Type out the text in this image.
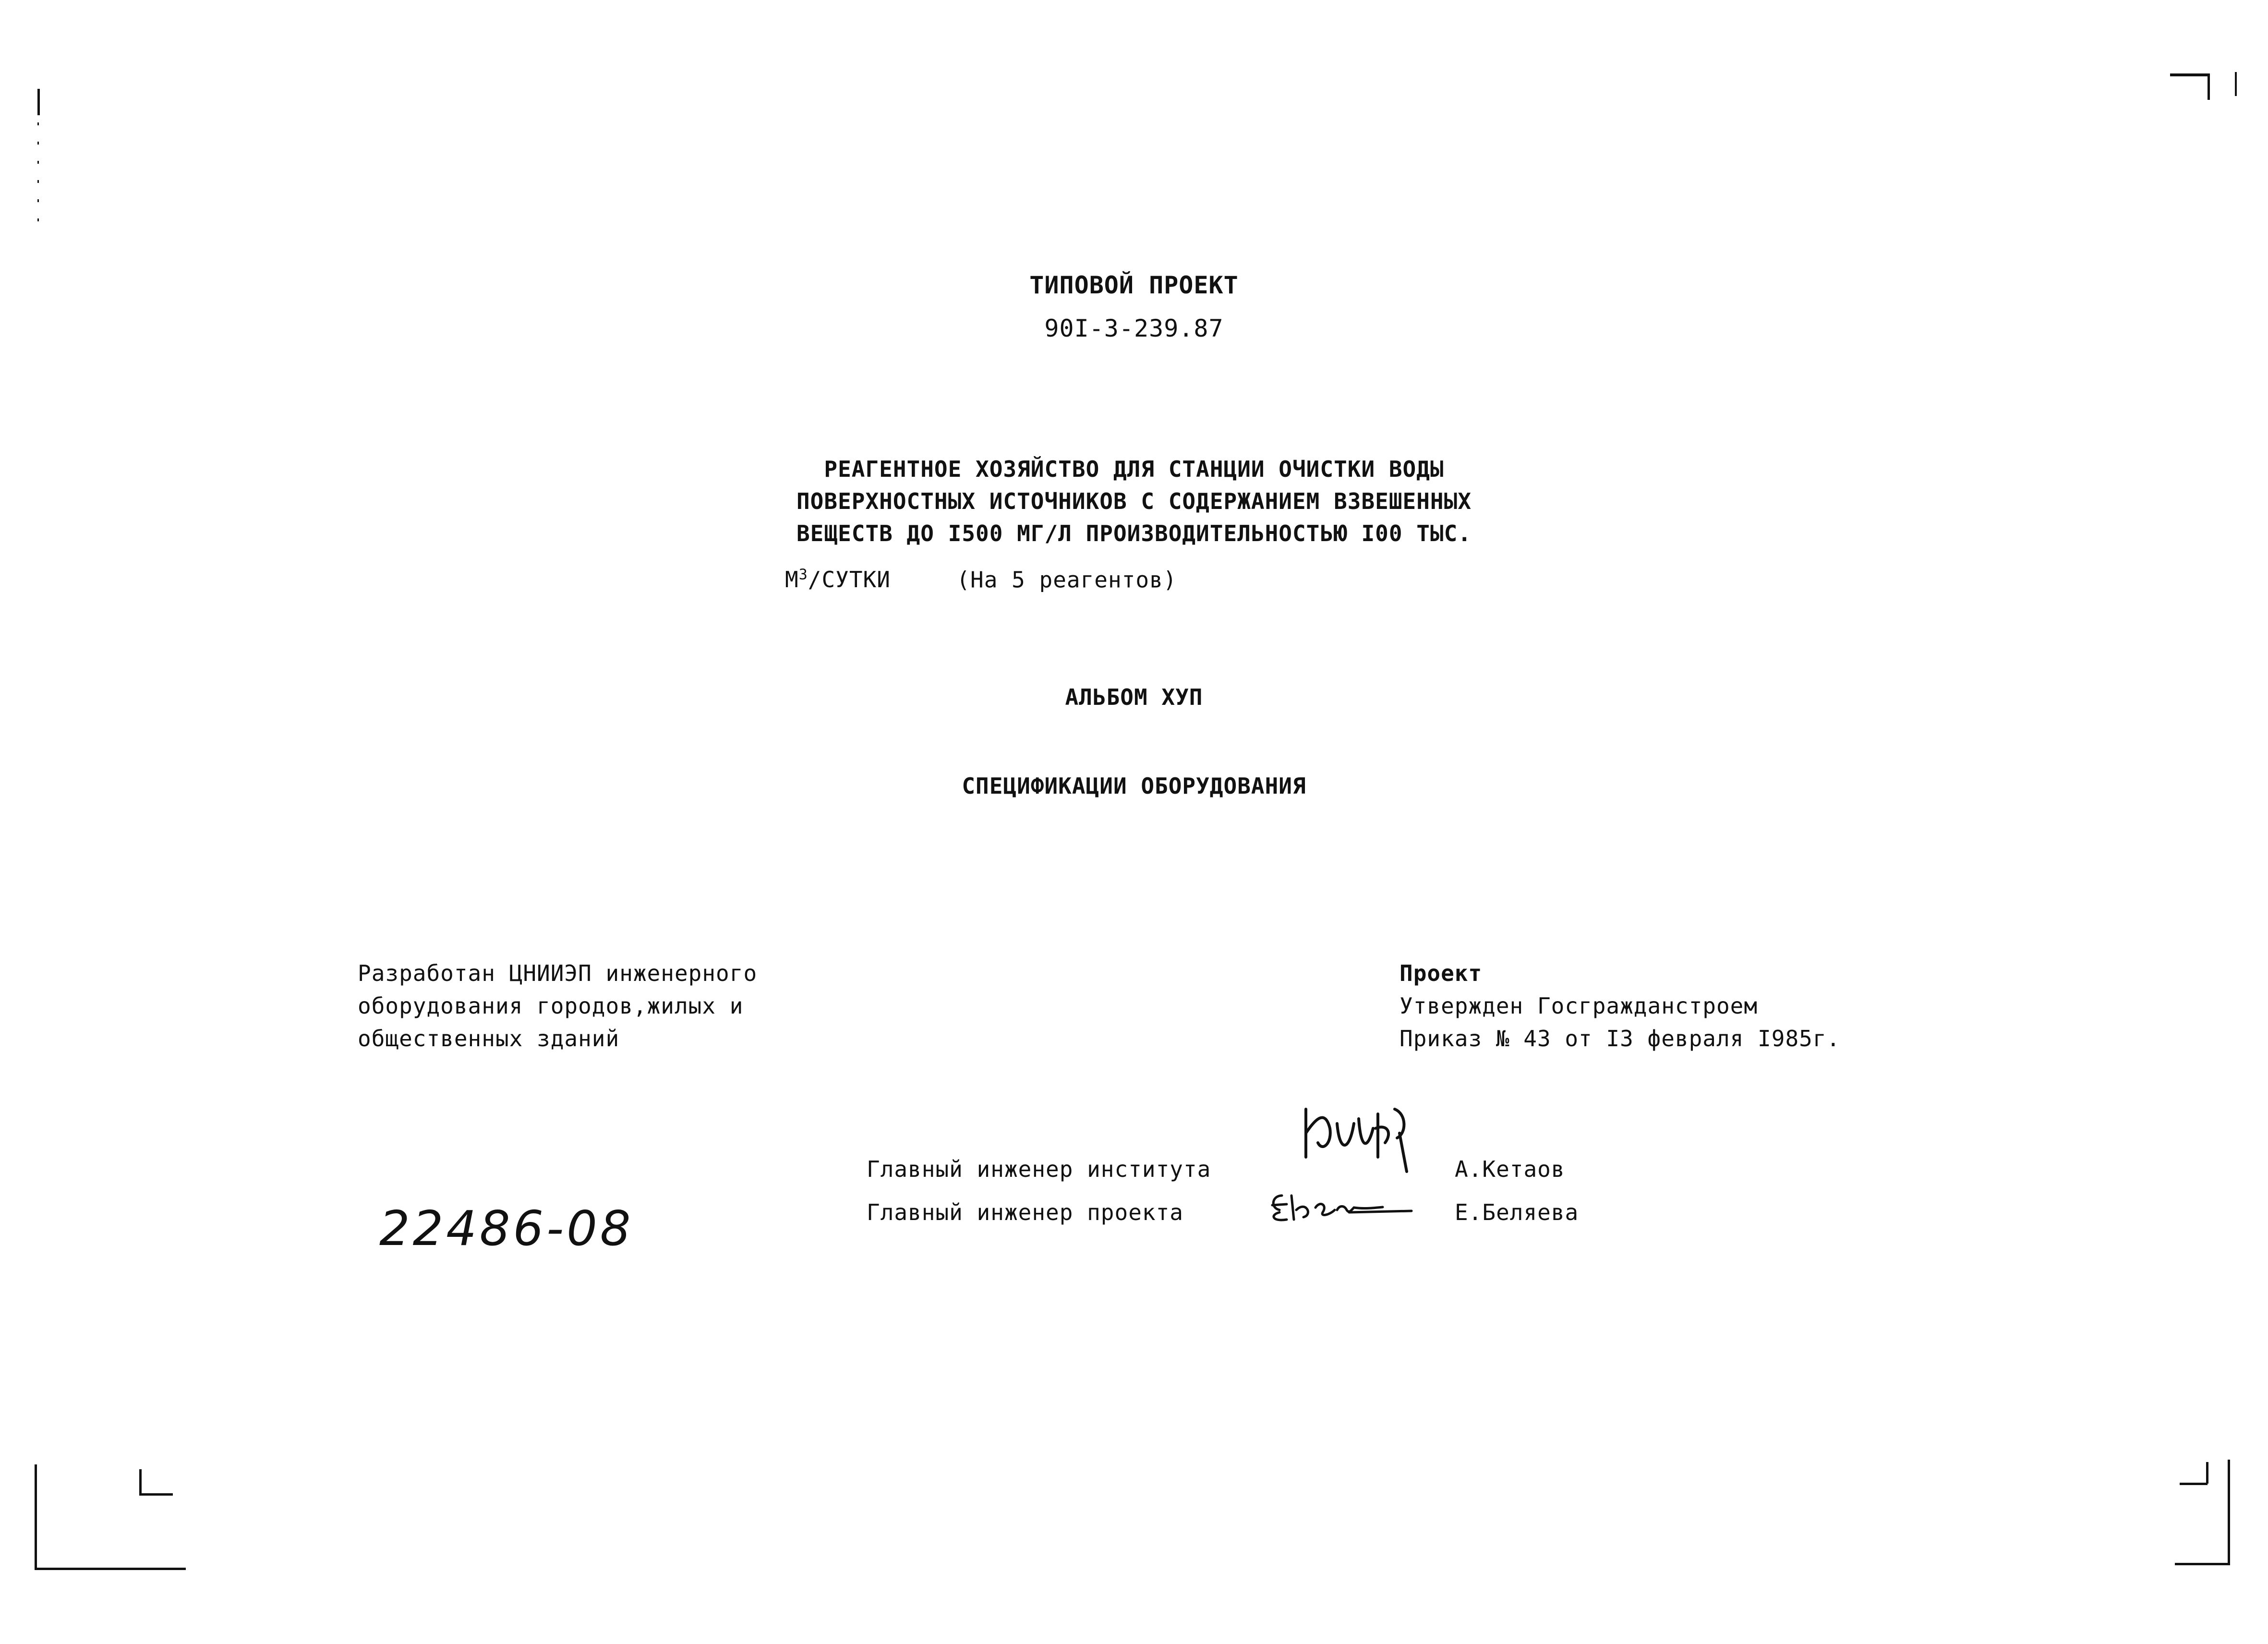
ТИПОВОЙ ПРОЕКТ
90I-3-239.87
РЕАГЕНТНОЕ ХОЗЯЙСТВО ДЛЯ СТАНЦИИ ОЧИСТКИ ВОДЫ
ПОВЕРХНОСТНЫХ ИСТОЧНИКОВ С СОДЕРЖАНИЕМ ВЗВЕШЕННЫХ
ВЕЩЕСТВ ДО I500 МГ/Л ПРОИЗВОДИТЕЛЬНОСТЬЮ I00 ТЫС.
$М^3$/СУТКИ	(На 5 реагентов)
АЛЬБОМ ХУП
СПЕЦИФИКАЦИИ ОБОРУДОВАНИЯ
Разработан ЦНИИЭП инженерного
оборудования городов,жилых и
общественных зданий
Проект
Утвержден Госгражданстроем
Приказ № 43 от I3 февраля I985г.
Главный инженер института
Главный инженер проекта
А.Кетаов
Е.Беляева
22486-08
